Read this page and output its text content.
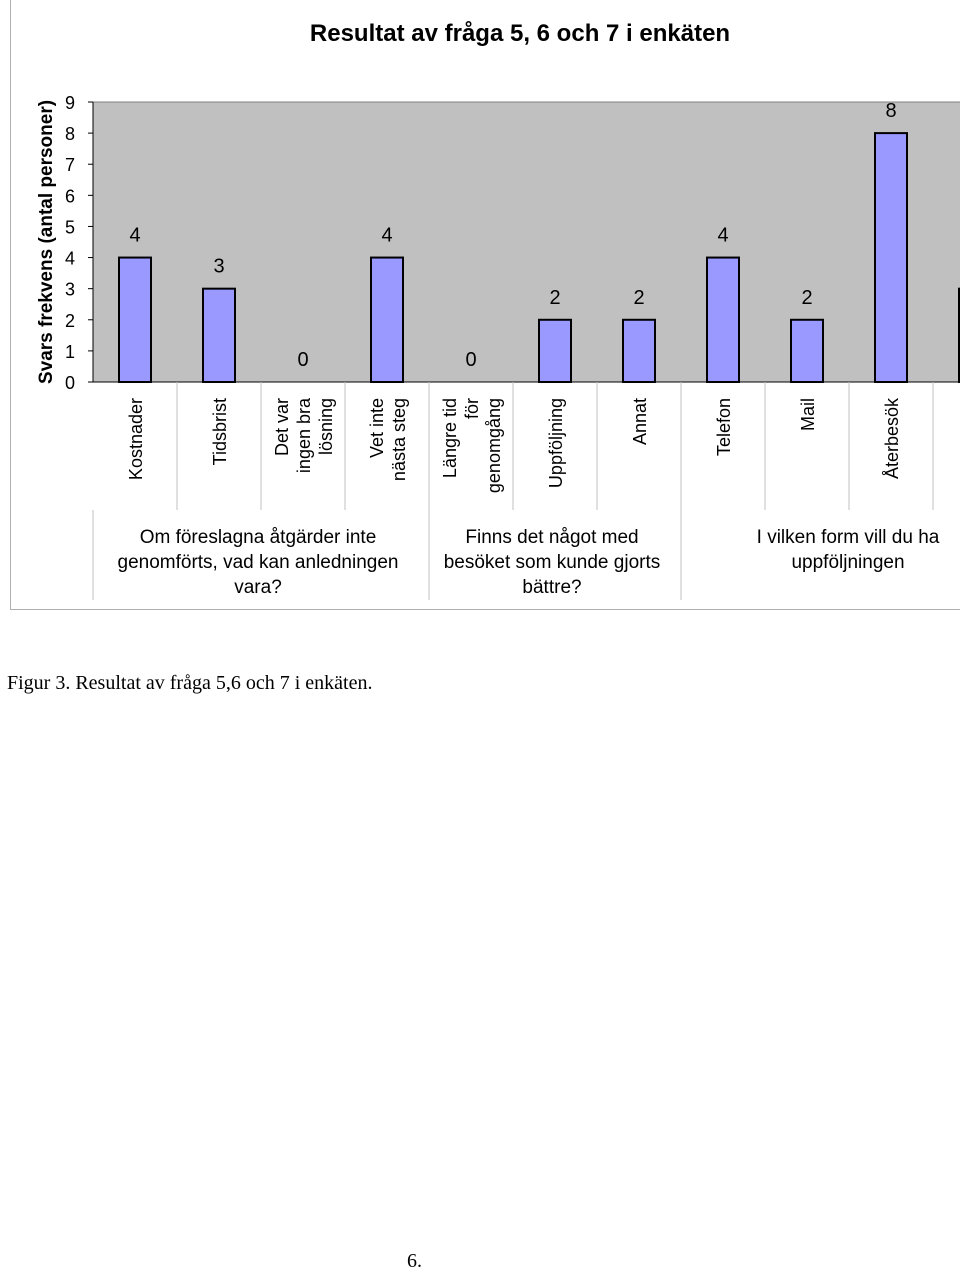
Resultat av fråga 5, 6 och 7 i enkäten
0
1
2
3
4
5
6
7
8
9
Svars frekvens (antal personer)	4
3
0
4
0
2	2
4
2
8
Kostnader	Tidsbrist Det var ingen bra lösning Vet inte nästa steg Längre tid för genomgång Uppföljning	Annat	Telefon	Mail	Återbesök
Om föreslagna åtgärder inte
genomförts, vad kan anledningen
vara?
Finns det något med
besöket som kunde gjorts
bättre?
I vilken form vill du ha
uppföljningen
Figur 3. Resultat av fråga 5,6 och 7 i enkäten.
6.
